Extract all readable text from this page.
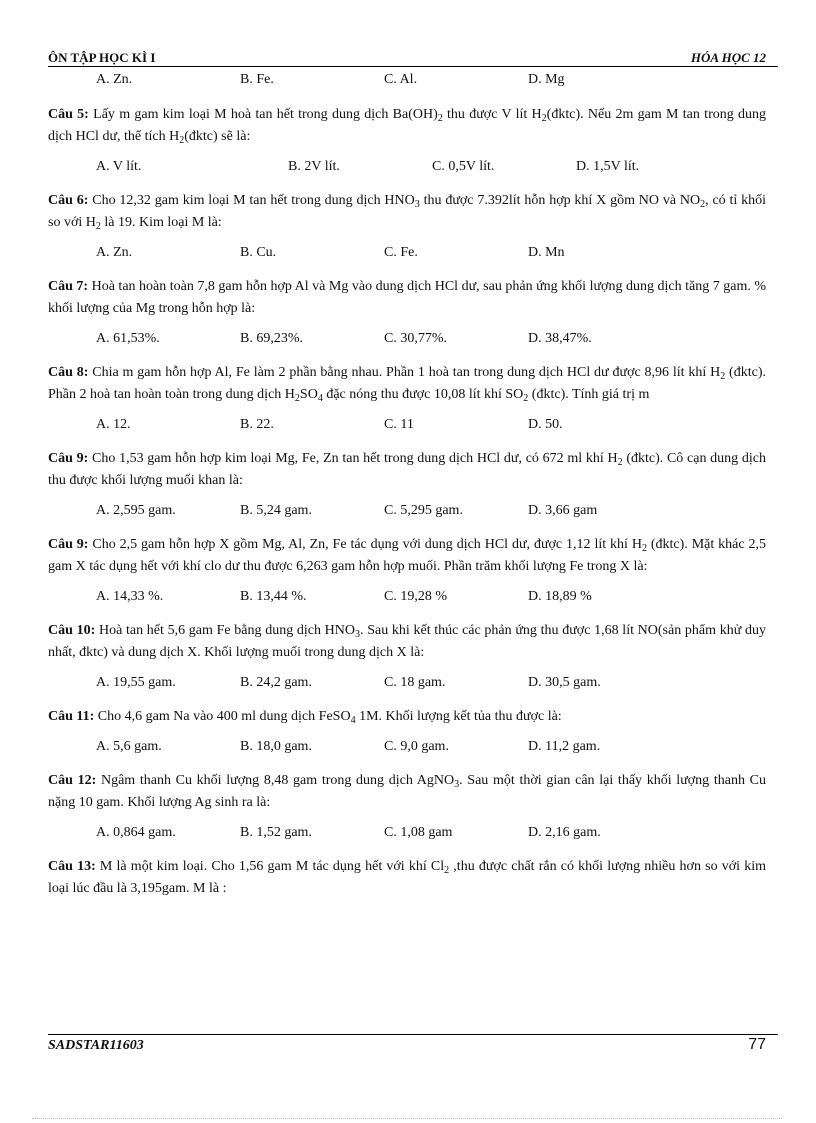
ÔN TẬP HỌC KÌ I	HÓA HỌC 12
A. Zn.	B. Fe.	C. Al.	D. Mg

Câu 5: Lấy m gam kim loại M hoà tan hết trong dung dịch $Ba(OH)_2$ thu được V lít $H_2(đktc)$. Nếu 2m gam M tan trong dung dịch HCl dư, thể tích $H_2(đktc)$ sẽ là:

A. V lít.	B. 2V lít.	C. 0,5V lít.	D. 1,5V lít.

Câu 6: Cho 12,32 gam kim loại M tan hết trong dung dịch $HNO_3$ thu được 7.392lít hỗn hợp khí X gồm NO và $NO_2$, có tỉ khối so với $H_2$ là 19. Kim loại M là:

A. Zn.	B. Cu.	C. Fe.	D. Mn

Câu 7: Hoà tan hoàn toàn 7,8 gam hỗn hợp Al và Mg vào dung dịch HCl dư, sau phản ứng khối lượng dung dịch tăng 7 gam. % khối lượng của Mg trong hỗn hợp là:

A. 61,53%.	B. 69,23%.	C. 30,77%.	D. 38,47%.

Câu 8: Chia m gam hỗn hợp Al, Fe làm 2 phần bằng nhau. Phần 1 hoà tan trong dung dịch HCl dư được 8,96 lít khí $H_2$ (đktc). Phần 2 hoà tan hoàn toàn trong dung dịch $H_2SO_4$ đặc nóng thu được 10,08 lít khí $SO_2$ (đktc). Tính giá trị m

A. 12.	B. 22.	C. 11	D. 50.

Câu 9: Cho 1,53 gam hỗn hợp kim loại Mg, Fe, Zn tan hết trong dung dịch HCl dư, có 672 ml khí $H_2$ (đktc). Cô cạn dung dịch thu được khối lượng muối khan là:

A. 2,595 gam.	B. 5,24 gam.	C. 5,295 gam.	D. 3,66 gam

Câu 9: Cho 2,5 gam hỗn hợp X gồm Mg, Al, Zn, Fe tác dụng với dung dịch HCl dư, được 1,12 lít khí $H_2$ (đktc). Mặt khác 2,5 gam X tác dụng hết với khí clo dư thu được 6,263 gam hỗn hợp muối. Phần trăm khối lượng Fe trong X là:

A. 14,33 %.	B. 13,44 %.	C. 19,28 %	D. 18,89 %

Câu 10: Hoà tan hết 5,6 gam Fe bằng dung dịch $HNO_3$. Sau khi kết thúc các phản ứng thu được 1,68 lít NO(sản phẩm khử duy nhất, đktc) và dung dịch X. Khối lượng muối trong dung dịch X là:

A. 19,55 gam.	B. 24,2 gam.	C. 18 gam.	D. 30,5 gam.

Câu 11: Cho 4,6 gam Na vào 400 ml dung dịch FeSO$_4$ 1M. Khối lượng kết tủa thu được là:

A. 5,6 gam.	B. 18,0 gam.	C. 9,0 gam.	D. 11,2 gam.

Câu 12: Ngâm thanh Cu khối lượng 8,48 gam trong dung dịch AgNO$_3$. Sau một thời gian cân lại thấy khối lượng thanh Cu nặng 10 gam. Khối lượng Ag sinh ra là:

A. 0,864 gam.	B. 1,52 gam.	C. 1,08 gam	D. 2,16 gam.

Câu 13: M là một kim loại. Cho 1,56 gam M tác dụng hết với khí $Cl_2$ ,thu được chất rắn có khối lượng nhiều hơn so với kim loại lúc đầu là 3,195gam. M là :

SADSTAR11603	77
